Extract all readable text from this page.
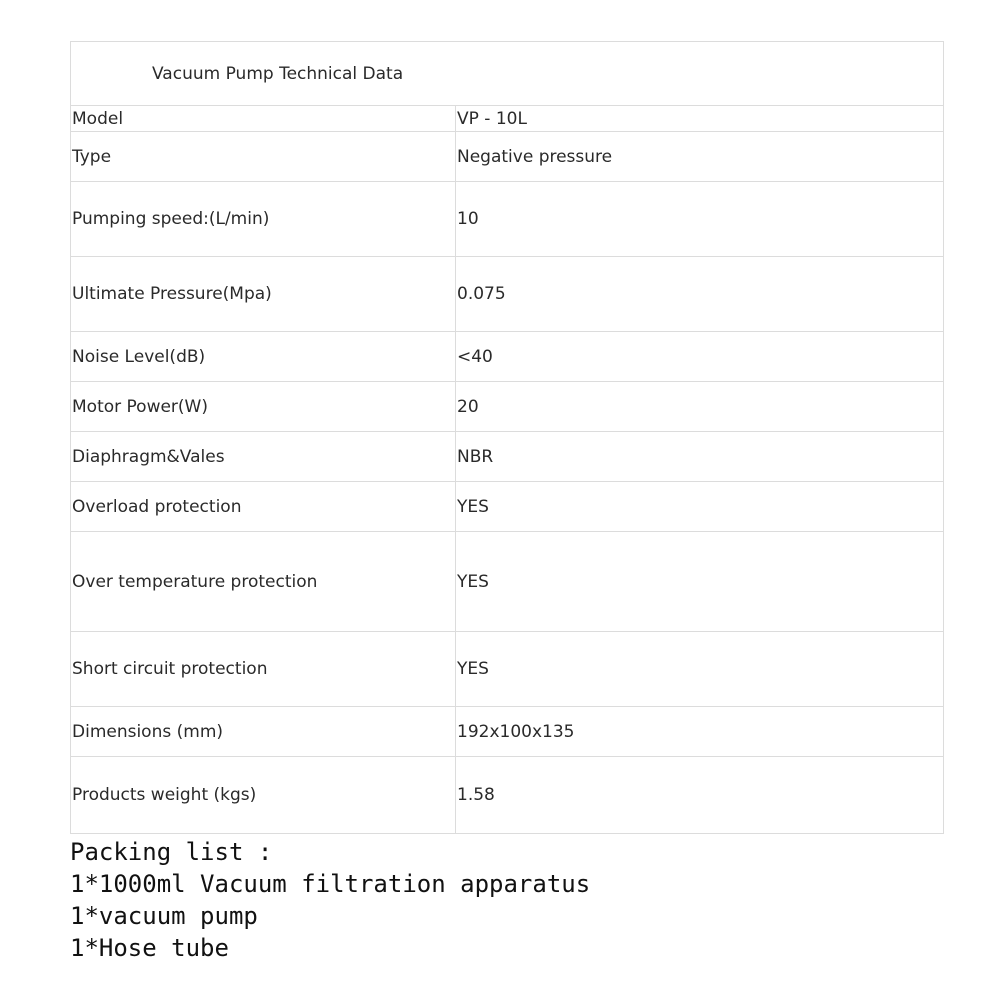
Vacuum Pump Technical Data	
Model	VP - 10L
Type	Negative pressure
Pumping speed:(L/min)	10
Ultimate Pressure(Mpa)	0.075
Noise Level(dB)	<40
Motor Power(W)	20
Diaphragm&Vales	NBR
Overload protection	YES
Over temperature protection	YES
Short circuit protection	YES
Dimensions (mm)	192x100x135
Products weight (kgs)	1.58
Packing list :
1*1000ml Vacuum filtration apparatus
1*vacuum pump
1*Hose tube
